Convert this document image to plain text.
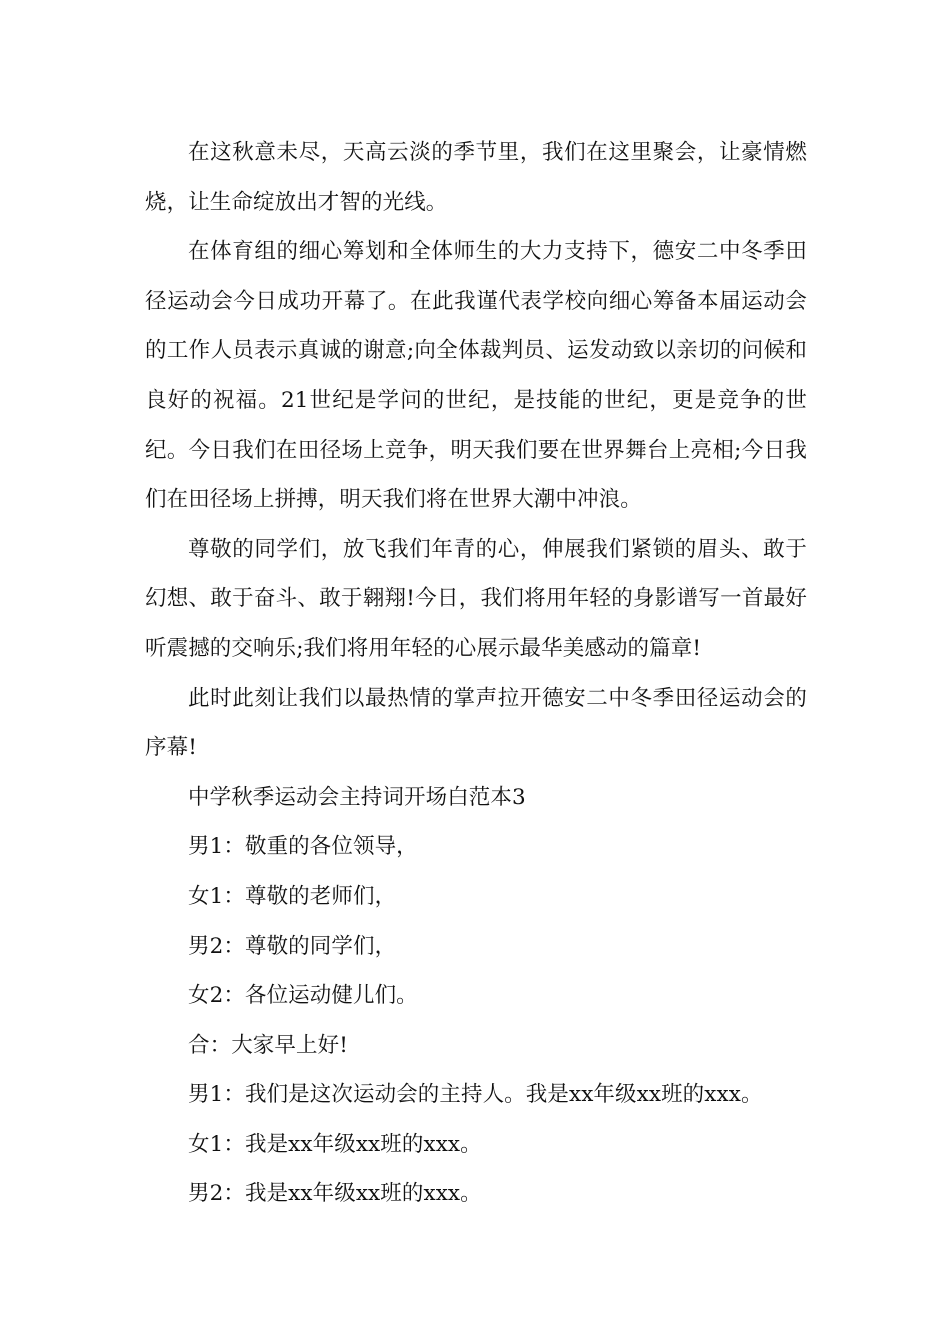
在这秋意未尽，天高云淡的季节里，我们在这里聚会，让豪情燃烧，让生命绽放出才智的光线。

在体育组的细心筹划和全体师生的大力支持下，德安二中冬季田径运动会今日成功开幕了。在此我谨代表学校向细心筹备本届运动会的工作人员表示真诚的谢意;向全体裁判员、运发动致以亲切的问候和良好的祝福。21世纪是学问的世纪，是技能的世纪，更是竞争的世纪。今日我们在田径场上竞争，明天我们要在世界舞台上亮相;今日我们在田径场上拼搏，明天我们将在世界大潮中冲浪。

尊敬的同学们，放飞我们年青的心，伸展我们紧锁的眉头、敢于幻想、敢于奋斗、敢于翱翔!今日，我们将用年轻的身影谱写一首最好听震撼的交响乐;我们将用年轻的心展示最华美感动的篇章!

此时此刻让我们以最热情的掌声拉开德安二中冬季田径运动会的序幕!

中学秋季运动会主持词开场白范本3

男1：敬重的各位领导，

女1：尊敬的老师们，

男2：尊敬的同学们，

女2：各位运动健儿们。

合：大家早上好!

男1：我们是这次运动会的主持人。我是xx年级xx班的xxx。

女1：我是xx年级xx班的xxx。

男2：我是xx年级xx班的xxx。
